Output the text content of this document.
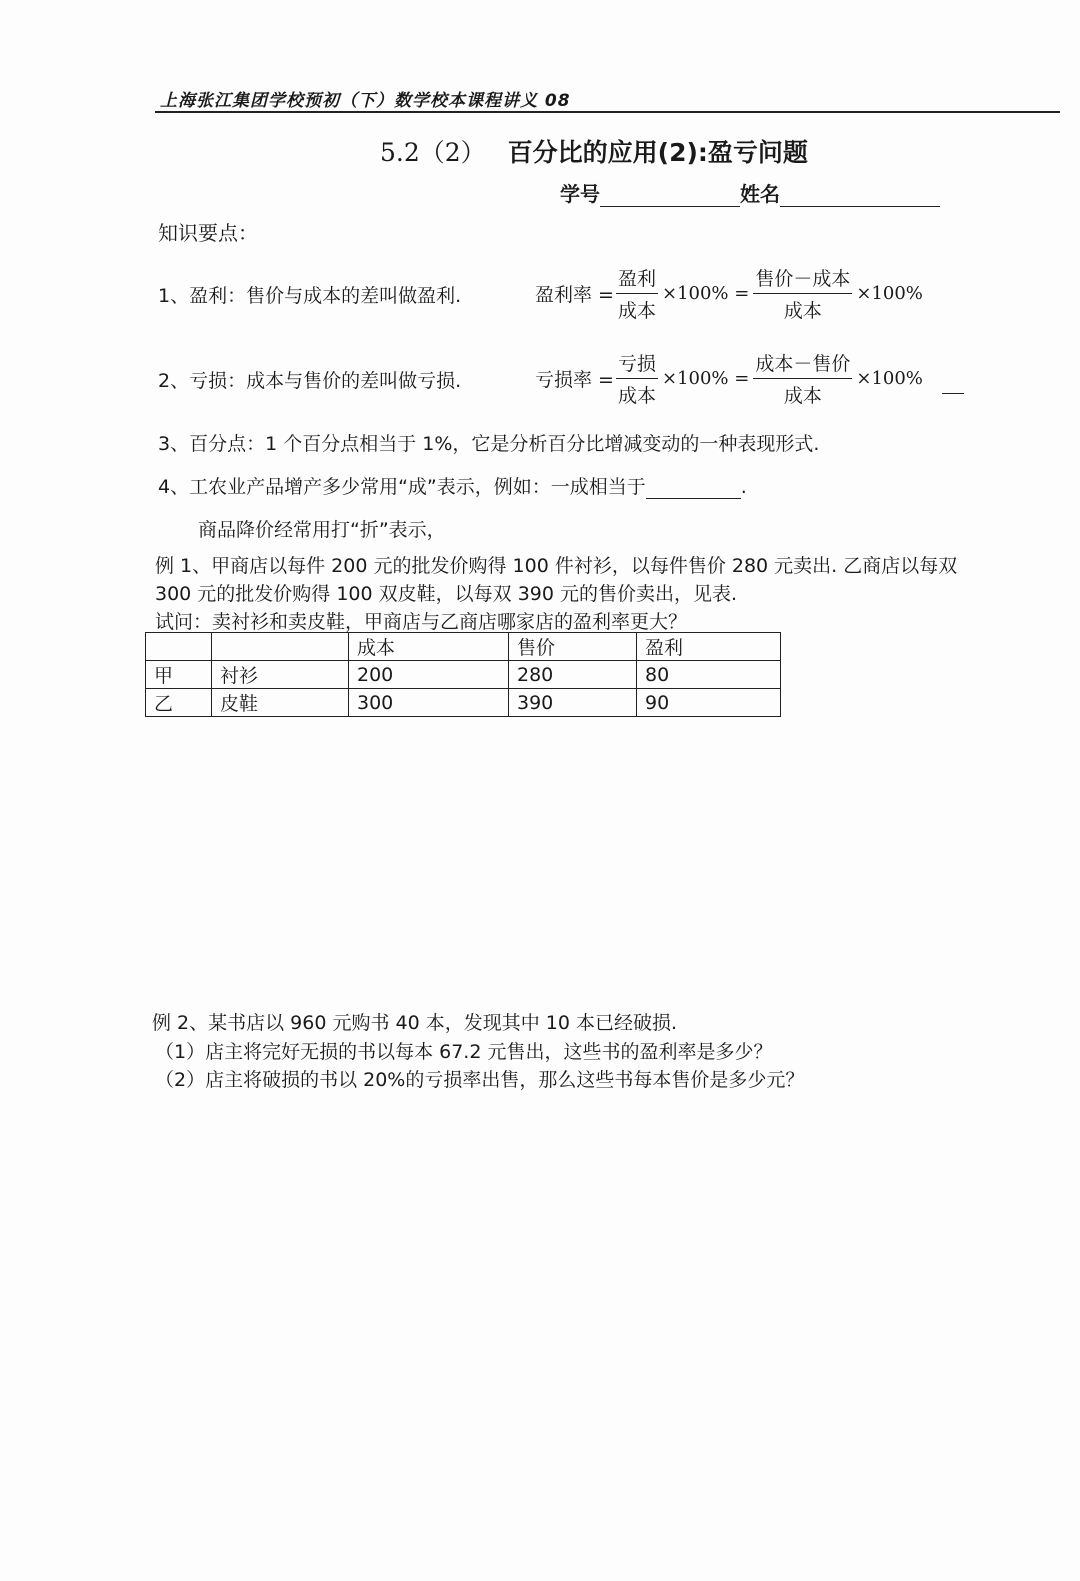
上海张江集团学校预初（下）数学校本课程讲义 08
5.2（2） 百分比的应用(2):盈亏问题
学号	姓名
知识要点：
1、盈利：售价与成本的差叫做盈利.	盈利率 = $\frac{\text{盈利}}{\text{成本}} \times 100\% = \frac{\text{售价－成本}}{\text{成本}} \times 100\%$
2、亏损：成本与售价的差叫做亏损.	亏损率 = $\frac{\text{亏损}}{\text{成本}} \times 100\% = \frac{\text{成本－售价}}{\text{成本}} \times 100\%$
3、百分点：1 个百分点相当于 1%，它是分析百分比增减变动的一种表现形式.
4、工农业产品增产多少常用“成”表示，例如：一成相当于	.
商品降价经常用打“折”表示，
例 1、甲商店以每件 200 元的批发价购得 100 件衬衫，以每件售价 280 元卖出. 乙商店以每双
300 元的批发价购得 100 双皮鞋，以每双 390 元的售价卖出，见表.
试问：卖衬衫和卖皮鞋，甲商店与乙商店哪家店的盈利率更大？
		成本	售价	盈利
甲	衬衫	200	280	80
乙	皮鞋	300	390	90
例 2、某书店以 960 元购书 40 本，发现其中 10 本已经破损.
（1）店主将完好无损的书以每本 67.2 元售出，这些书的盈利率是多少？
（2）店主将破损的书以 20%的亏损率出售，那么这些书每本售价是多少元？
